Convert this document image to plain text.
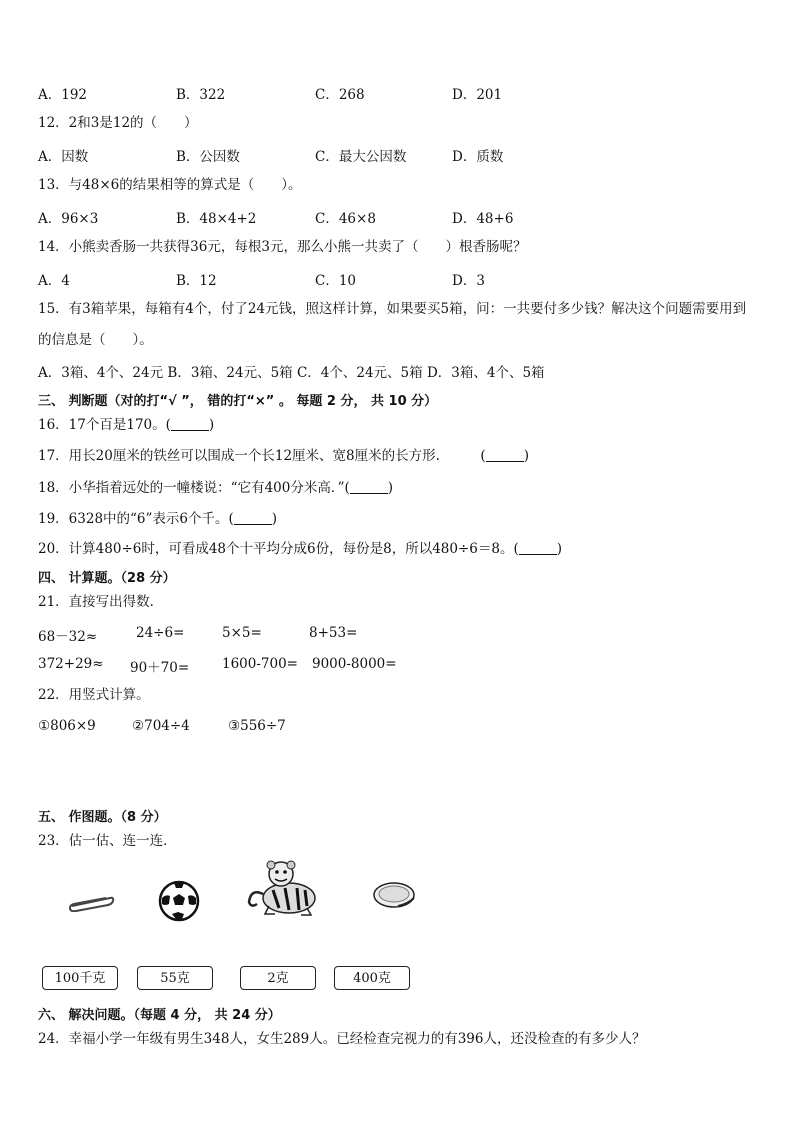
A．192	B．322	C．268	D．201
12．2和3是12的（　　）
A．因数	B．公因数	C．最大公因数	D．质数
13．与48×6的结果相等的算式是（　　）。
A．96×3	B．48×4+2	C．46×8	D．48+6
14．小熊卖香肠一共获得36元，每根3元，那么小熊一共卖了（　　）根香肠呢？
A．4	B．12	C．10	D．3
15．有3箱苹果，每箱有4个，付了24元钱，照这样计算，如果要买5箱，问：一共要付多少钱？解决这个问题需要用到的信息是（　　）。
A．3箱、4个、24元 B．3箱、24元、5箱 C．4个、24元、5箱 D．3箱、4个、5箱
三、 判断题（对的打“√ ”， 错的打“×” 。 每题 2 分， 共 10 分）
16．17个百是170。(	)
17．用长20厘米的铁丝可以围成一个长12厘米、宽8厘米的长方形.　　　(	)
18．小华指着远处的一幢楼说：“它有400分米高．”(	)
19．6328中的“6”表示6个千。(	)
20．计算480÷6时，可看成48个十平均分成6份，每份是8，所以480÷6＝8。(	)
四、 计算题。（28 分）
21．直接写出得数．
68－32≈	24÷6=	5×5=	8+53=
372+29≈ 90＋70= 1600-700= 9000-8000=
22．用竖式计算。
①806×9	②704÷4	③556÷7
五、 作图题。（8 分）
23．估一估、连一连．
100千克	55克	2克	400克
六、 解决问题。（每题 4 分， 共 24 分）
24．幸福小学一年级有男生348人，女生289人。已经检查完视力的有396人，还没检查的有多少人？
